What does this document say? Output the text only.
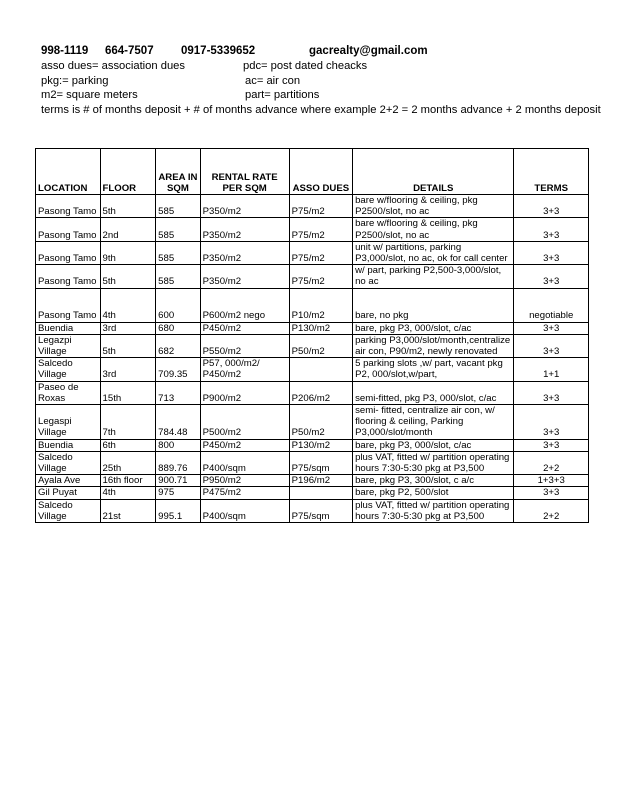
998-1119 664-7507 0917-5339652	gacrealty@gmail.com
asso dues= association dues	pdc= post dated cheacks
pkg:= parking	ac= air con
m2= square meters	part= partitions
terms is # of months deposit + # of months advance where example 2+2 = 2 months advance + 2 months deposit
LOCATION	FLOOR	AREA IN SQM	RENTAL RATE PER SQM	ASSO DUES	DETAILS	TERMS
Pasong Tamo	5th	585	P350/m2	P75/m2	bare w/flooring & ceiling, pkg P2500/slot, no ac	3+3
Pasong Tamo	2nd	585	P350/m2	P75/m2	bare w/flooring & ceiling, pkg P2500/slot, no ac	3+3
Pasong Tamo	9th	585	P350/m2	P75/m2	unit w/ partitions, parking P3,000/slot, no ac, ok for call center	3+3
Pasong Tamo	5th	585	P350/m2	P75/m2	w/ part, parking P2,500-3,000/slot, no ac	3+3
Pasong Tamo	4th	600	P600/m2 nego	P10/m2	bare, no pkg	negotiable
Buendia	3rd	680	P450/m2	P130/m2	bare, pkg P3, 000/slot, c/ac	3+3
Legazpi Village	5th	682	P550/m2	P50/m2	parking P3,000/slot/month,centralize air con, P90/m2, newly renovated	3+3
Salcedo Village	3rd	709.35	P57, 000/m2/ P450/m2		5 parking slots ,w/ part, vacant pkg P2, 000/slot,w/part,	1+1
Paseo de Roxas	15th	713	P900/m2	P206/m2	semi-fitted, pkg P3, 000/slot, c/ac	3+3
Legaspi Village	7th	784.48	P500/m2	P50/m2	semi- fitted, centralize air con, w/ flooring & ceiling, Parking P3,000/slot/month	3+3
Buendia	6th	800	P450/m2	P130/m2	bare, pkg P3, 000/slot, c/ac	3+3
Salcedo Village	25th	889.76	P400/sqm	P75/sqm	plus VAT, fitted w/ partition operating hours 7:30-5:30 pkg at P3,500	2+2
Ayala Ave	16th floor	900.71	P950/m2	P196/m2	bare, pkg P3, 300/slot, c a/c	1+3+3
Gil Puyat	4th	975	P475/m2		bare, pkg P2, 500/slot	3+3
Salcedo Village	21st	995.1	P400/sqm	P75/sqm	plus VAT, fitted w/ partition operating hours 7:30-5:30 pkg at P3,500	2+2
